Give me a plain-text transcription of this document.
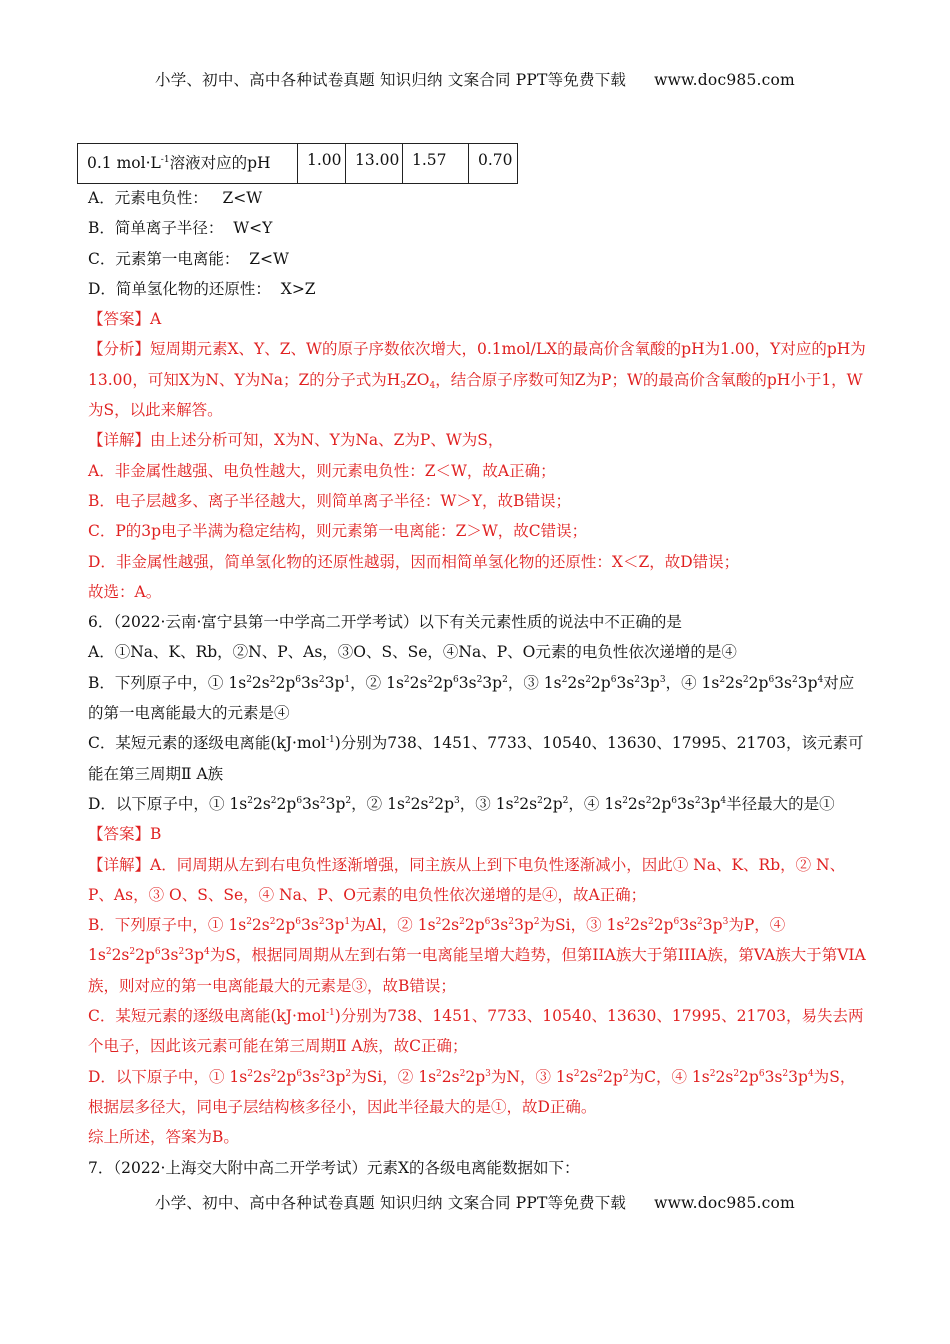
小学、初中、高中各种试卷真题 知识归纳 文案合同 PPT等免费下载 www.doc985.com
0.1 $mol\cdot L^{-1}$溶液对应的pH	1.00	13.00	1.57	0.70

A．元素电负性：   Z<W

B．简单离子半径：  W<Y

C．元素第一电离能：  Z<W

D．简单氢化物的还原性：  X>Z

【答案】A

【分析】短周期元素X、Y、Z、W的原子序数依次增大，0.1mol/LX的最高价含氧酸的pH为1.00，Y对应的pH为13.00，可知X为N、Y为Na；Z的分子式为$H_3ZO_4$，结合原子序数可知Z为P；W的最高价含氧酸的pH小于1，W为S，以此来解答。

【详解】由上述分析可知，X为N、Y为Na、Z为P、W为S，

A．非金属性越强、电负性越大，则元素电负性：Z＜W，故A正确；

B．电子层越多、离子半径越大，则简单离子半径：W＞Y，故B错误；

C．P的3p电子半满为稳定结构，则元素第一电离能：Z＞W，故C错误；

D．非金属性越强，简单氢化物的还原性越弱，因而相简单氢化物的还原性：X＜Z，故D错误；

故选：A。

6．（2022·云南·富宁县第一中学高二开学考试）以下有关元素性质的说法中不正确的是

A．①Na、K、Rb，②N、P、As，③O、S、Se，④Na、P、O元素的电负性依次递增的是④

B．下列原子中，① $1s^22s^22p^63s^23p^1$，② $1s^22s^22p^63s^23p^2$，③ $1s^22s^22p^63s^23p^3$，④ $1s^22s^22p^63s^23p^4$对应的第一电离能最大的元素是④

C．某短元素的逐级电离能(kJ·mol$^{-1}$)分别为738、1451、7733、10540、13630、17995、21703，该元素可能在第三周期Ⅱ A族

D．以下原子中，① $1s^22s^22p^63s^23p^2$，② $1s^22s^22p^3$，③ $1s^22s^22p^2$，④ $1s^22s^22p^63s^23p^4$半径最大的是①

【答案】B

【详解】A．同周期从左到右电负性逐渐增强，同主族从上到下电负性逐渐减小，因此① Na、K、Rb，② N、P、As，③ O、S、Se，④ Na、P、O元素的电负性依次递增的是④，故A正确；

B．下列原子中，① $1s^22s^22p^63s^23p^1$为Al，② $1s^22s^22p^63s^23p^2$为Si，③ $1s^22s^22p^63s^23p^3$为P，④ $1s^22s^22p^63s^23p^4$为S，根据同周期从左到右第一电离能呈增大趋势，但第IIA族大于第IIIA族，第VA族大于第VIA族，则对应的第一电离能最大的元素是③，故B错误；

C．某短元素的逐级电离能(kJ·mol$^{-1}$)分别为738、1451、7733、10540、13630、17995、21703，易失去两个电子，因此该元素可能在第三周期Ⅱ A族，故C正确；

D．以下原子中，① $1s^22s^22p^63s^23p^2$为Si，② $1s^22s^22p^3$为N，③ $1s^22s^22p^2$为C，④ $1s^22s^22p^63s^23p^4$为S，根据层多径大，同电子层结构核多径小，因此半径最大的是①，故D正确。

综上所述，答案为B。

7．（2022·上海交大附中高二开学考试）元素X的各级电离能数据如下：

小学、初中、高中各种试卷真题 知识归纳 文案合同 PPT等免费下载 www.doc985.com
